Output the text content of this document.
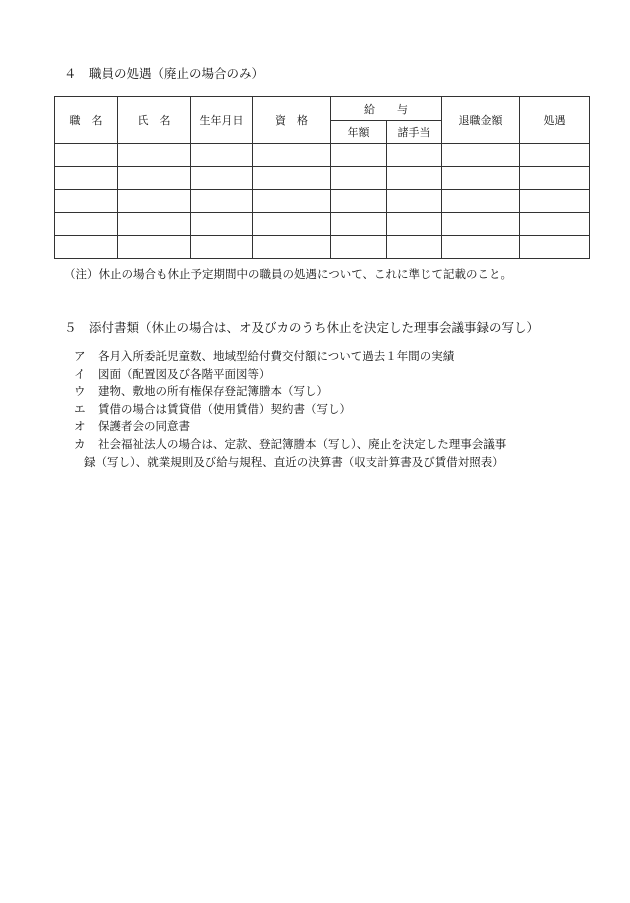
４　職員の処遇（廃止の場合のみ）
職　名	氏　名	生年月日	資　格	給　　与		退職金額	処遇
				年額	諸手当		

（注）休止の場合も休止予定期間中の職員の処遇について、これに準じて記載のこと。
５　添付書類（休止の場合は、オ及びカのうち休止を決定した理事会議事録の写し）
ア	各月入所委託児童数、地域型給付費交付額について過去１年間の実績
イ	図面（配置図及び各階平面図等）
ウ	建物、敷地の所有権保存登記簿謄本（写し）
エ	賃借の場合は賃貸借（使用賃借）契約書（写し）
オ	保護者会の同意書
カ	社会福祉法人の場合は、定款、登記簿謄本（写し）、廃止を決定した理事会議事
録（写し）、就業規則及び給与規程、直近の決算書（収支計算書及び賃借対照表）
